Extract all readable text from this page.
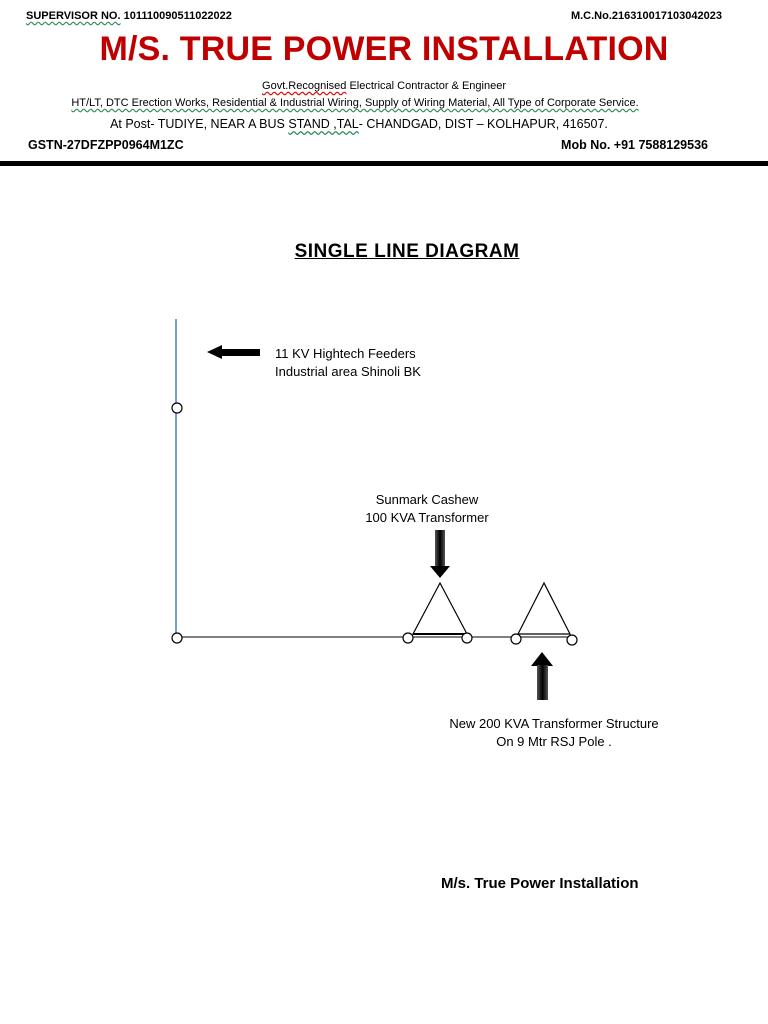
SUPERVISOR NO. 101110090511022022	M.C.No.216310017103042023
M/S. TRUE POWER INSTALLATION
Govt.Recognised Electrical Contractor & Engineer
HT/LT, DTC Erection Works, Residential & Industrial Wiring, Supply of Wiring Material, All Type of Corporate Service.
At Post- TUDIYE, NEAR A BUS STAND ,TAL- CHANDGAD, DIST – KOLHAPUR, 416507.
GSTN-27DFZPP0964M1ZC	Mob No. +91 7588129536
SINGLE LINE DIAGRAM
11 KV Hightech Feeders
Industrial area Shinoli BK
Sunmark Cashew
100 KVA Transformer
New 200 KVA Transformer Structure
On 9 Mtr RSJ Pole .
M/s. True Power Installation
